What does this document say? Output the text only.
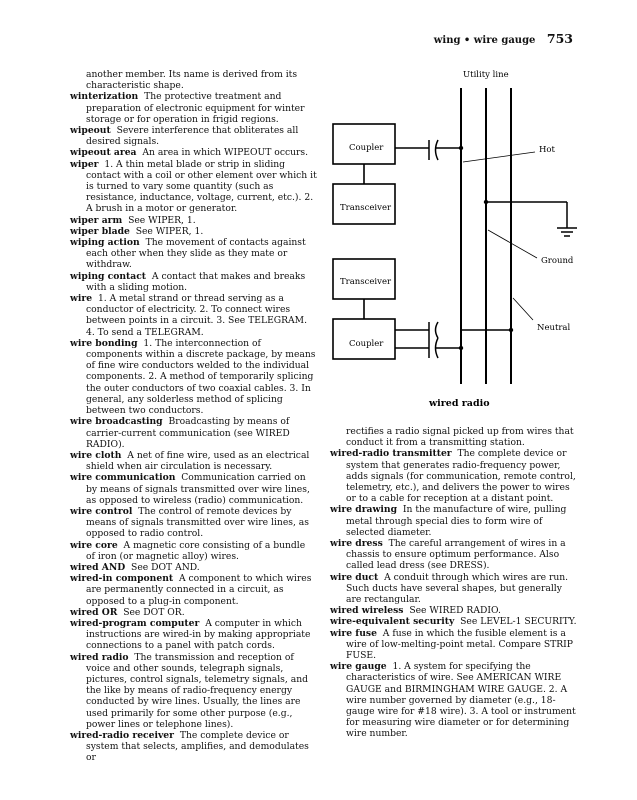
wing • wire gauge 753

another member. Its name is derived from its characteristic shape.

winterization The protective treatment and preparation of electronic equipment for winter storage or for operation in frigid regions.

wipeout Severe interference that obliterates all desired signals.

wipeout area An area in which WIPEOUT occurs.

wiper 1. A thin metal blade or strip in sliding contact with a coil or other element over which it is turned to vary some quantity (such as resistance, inductance, voltage, current, etc.). 2. A brush in a motor or generator.

wiper arm See WIPER, 1.

wiper blade See WIPER, 1.

wiping action The movement of contacts against each other when they slide as they mate or withdraw.

wiping contact A contact that makes and breaks with a sliding motion.

wire 1. A metal strand or thread serving as a conductor of electricity. 2. To connect wires between points in a circuit. 3. See TELEGRAM. 4. To send a TELEGRAM.

wire bonding 1. The interconnection of components within a discrete package, by means of fine wire conductors welded to the individual components. 2. A method of temporarily splicing the outer conductors of two coaxial cables. 3. In general, any solderless method of splicing between two conductors.

wire broadcasting Broadcasting by means of carrier-current communication (see WIRED RADIO).

wire cloth A net of fine wire, used as an electrical shield when air circulation is necessary.

wire communication Communication carried on by means of signals transmitted over wire lines, as opposed to wireless (radio) communication.

wire control The control of remote devices by means of signals transmitted over wire lines, as opposed to radio control.

wire core A magnetic core consisting of a bundle of iron (or magnetic alloy) wires.

wired AND See DOT AND.

wired-in component A component to which wires are permanently connected in a circuit, as opposed to a plug-in component.

wired OR See DOT OR.

wired-program computer A computer in which instructions are wired-in by making appropriate connections to a panel with patch cords.

wired radio The transmission and reception of voice and other sounds, telegraph signals, pictures, control signals, telemetry signals, and the like by means of radio-frequency energy conducted by wire lines. Usually, the lines are used primarily for some other purpose (e.g., power lines or telephone lines).

wired-radio receiver The complete device or system that selects, amplifies, and demodulates or

Utility line
Coupler
Transceiver
Hot
Ground
Transceiver
Neutral
Coupler
wired radio

rectifies a radio signal picked up from wires that conduct it from a transmitting station.

wired-radio transmitter The complete device or system that generates radio-frequency power, adds signals (for communication, remote control, telemetry, etc.), and delivers the power to wires or to a cable for reception at a distant point.

wire drawing In the manufacture of wire, pulling metal through special dies to form wire of selected diameter.

wire dress The careful arrangement of wires in a chassis to ensure optimum performance. Also called lead dress (see DRESS).

wire duct A conduit through which wires are run. Such ducts have several shapes, but generally are rectangular.

wired wireless See WIRED RADIO.

wire-equivalent security See LEVEL-1 SECURITY.

wire fuse A fuse in which the fusible element is a wire of low-melting-point metal. Compare STRIP FUSE.

wire gauge 1. A system for specifying the characteristics of wire. See AMERICAN WIRE GAUGE and BIRMINGHAM WIRE GAUGE. 2. A wire number governed by diameter (e.g., 18-gauge wire for #18 wire). 3. A tool or instrument for measuring wire diameter or for determining wire number.
